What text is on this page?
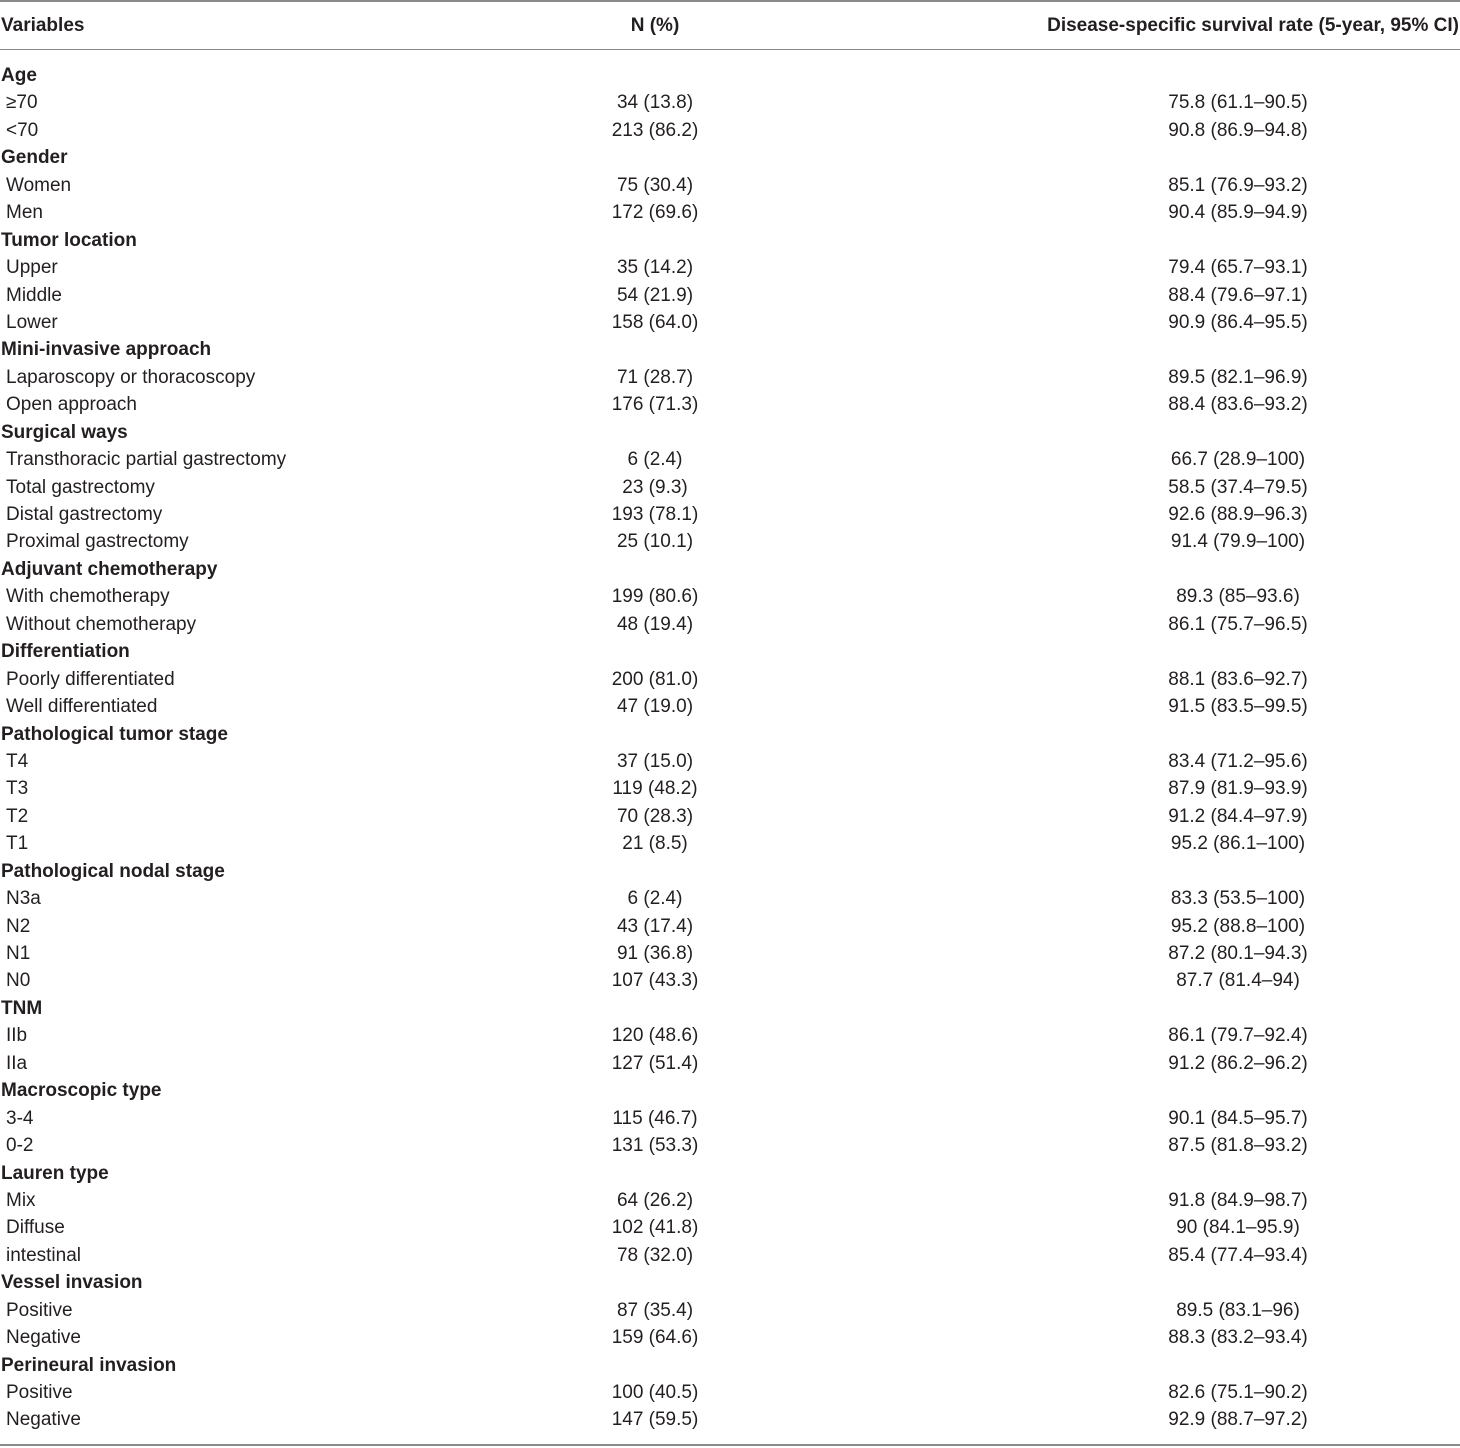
Variables	N (%)	Disease-specific survival rate (5-year, 95% CI)
Age
≥70	34 (13.8)	75.8 (61.1–90.5)
<70	213 (86.2)	90.8 (86.9–94.8)
Gender
Women	75 (30.4)	85.1 (76.9–93.2)
Men	172 (69.6)	90.4 (85.9–94.9)
Tumor location
Upper	35 (14.2)	79.4 (65.7–93.1)
Middle	54 (21.9)	88.4 (79.6–97.1)
Lower	158 (64.0)	90.9 (86.4–95.5)
Mini-invasive approach
Laparoscopy or thoracoscopy	71 (28.7)	89.5 (82.1–96.9)
Open approach	176 (71.3)	88.4 (83.6–93.2)
Surgical ways
Transthoracic partial gastrectomy	6 (2.4)	66.7 (28.9–100)
Total gastrectomy	23 (9.3)	58.5 (37.4–79.5)
Distal gastrectomy	193 (78.1)	92.6 (88.9–96.3)
Proximal gastrectomy	25 (10.1)	91.4 (79.9–100)
Adjuvant chemotherapy
With chemotherapy	199 (80.6)	89.3 (85–93.6)
Without chemotherapy	48 (19.4)	86.1 (75.7–96.5)
Differentiation
Poorly differentiated	200 (81.0)	88.1 (83.6–92.7)
Well differentiated	47 (19.0)	91.5 (83.5–99.5)
Pathological tumor stage
T4	37 (15.0)	83.4 (71.2–95.6)
T3	119 (48.2)	87.9 (81.9–93.9)
T2	70 (28.3)	91.2 (84.4–97.9)
T1	21 (8.5)	95.2 (86.1–100)
Pathological nodal stage
N3a	6 (2.4)	83.3 (53.5–100)
N2	43 (17.4)	95.2 (88.8–100)
N1	91 (36.8)	87.2 (80.1–94.3)
N0	107 (43.3)	87.7 (81.4–94)
TNM
IIb	120 (48.6)	86.1 (79.7–92.4)
IIa	127 (51.4)	91.2 (86.2–96.2)
Macroscopic type
3-4	115 (46.7)	90.1 (84.5–95.7)
0-2	131 (53.3)	87.5 (81.8–93.2)
Lauren type
Mix	64 (26.2)	91.8 (84.9–98.7)
Diffuse	102 (41.8)	90 (84.1–95.9)
intestinal	78 (32.0)	85.4 (77.4–93.4)
Vessel invasion
Positive	87 (35.4)	89.5 (83.1–96)
Negative	159 (64.6)	88.3 (83.2–93.4)
Perineural invasion
Positive	100 (40.5)	82.6 (75.1–90.2)
Negative	147 (59.5)	92.9 (88.7–97.2)
